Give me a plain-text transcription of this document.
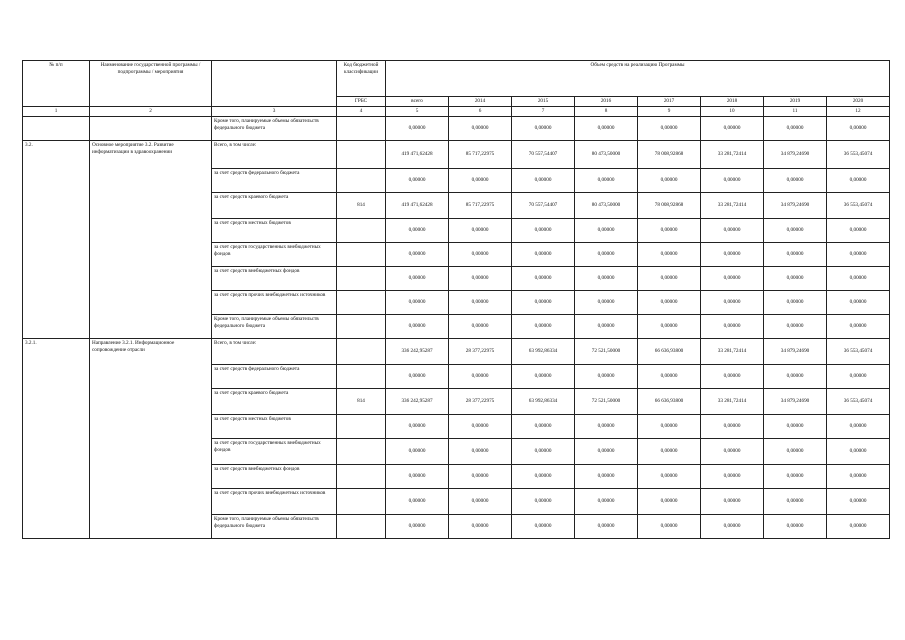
№ п/п	Наименование государственной программы / подпрограммы / мероприятия		Код бюджетной классификации	Объем средств на реализацию Программы							
			ГРБС	всего	2014	2015	2016	2017	2018	2019	2020
1	2	3	4	5	6	7	8	9	10	11	12
		Кроме того, планируемые объемы обязательств федерального бюджета		0,00000	0,00000	0,00000	0,00000	0,00000	0,00000	0,00000	0,00000
3.2.	Основное мероприятие 3.2. Развитие информатизации в здравоохранении	Всего, в том числе:		419 471,62428	85 717,22975	70 557,54407	80 473,50000	78 008,92868	33 281,72414	34 879,24690	36 553,45074
		за счет средств федерального бюджета		0,00000	0,00000	0,00000	0,00000	0,00000	0,00000	0,00000	0,00000
		за счет средств краевого бюджета	814	419 471,62428	85 717,22975	70 557,54407	80 473,50000	78 008,92868	33 281,72414	34 879,24690	36 553,45074
		за счет средств местных бюджетов		0,00000	0,00000	0,00000	0,00000	0,00000	0,00000	0,00000	0,00000
		за счет средств государственных внебюджетных фондов		0,00000	0,00000	0,00000	0,00000	0,00000	0,00000	0,00000	0,00000
		за счет средств внебюджетных фондов		0,00000	0,00000	0,00000	0,00000	0,00000	0,00000	0,00000	0,00000
		за счет средств прочих внебюджетных источников		0,00000	0,00000	0,00000	0,00000	0,00000	0,00000	0,00000	0,00000
		Кроме того, планируемые объемы обязательств федерального бюджета		0,00000	0,00000	0,00000	0,00000	0,00000	0,00000	0,00000	0,00000
3.2.1.	Направление 3.2.1. Информационное сопровождение отрасли	Всего, в том числе:		336 242,95287	28 377,22975	63 992,86334	72 521,50000	66 636,93800	33 281,72414	34 879,24690	36 553,45074
		за счет средств федерального бюджета		0,00000	0,00000	0,00000	0,00000	0,00000	0,00000	0,00000	0,00000
		за счет средств краевого бюджета	814	336 242,95287	28 377,22975	63 992,86334	72 521,50000	66 636,93800	33 281,72414	34 879,24690	36 553,45074
		за счет средств местных бюджетов		0,00000	0,00000	0,00000	0,00000	0,00000	0,00000	0,00000	0,00000
		за счет средств государственных внебюджетных фондов		0,00000	0,00000	0,00000	0,00000	0,00000	0,00000	0,00000	0,00000
		за счет средств внебюджетных фондов		0,00000	0,00000	0,00000	0,00000	0,00000	0,00000	0,00000	0,00000
		за счет средств прочих внебюджетных источников		0,00000	0,00000	0,00000	0,00000	0,00000	0,00000	0,00000	0,00000
		Кроме того, планируемые объемы обязательств федерального бюджета		0,00000	0,00000	0,00000	0,00000	0,00000	0,00000	0,00000	0,00000
